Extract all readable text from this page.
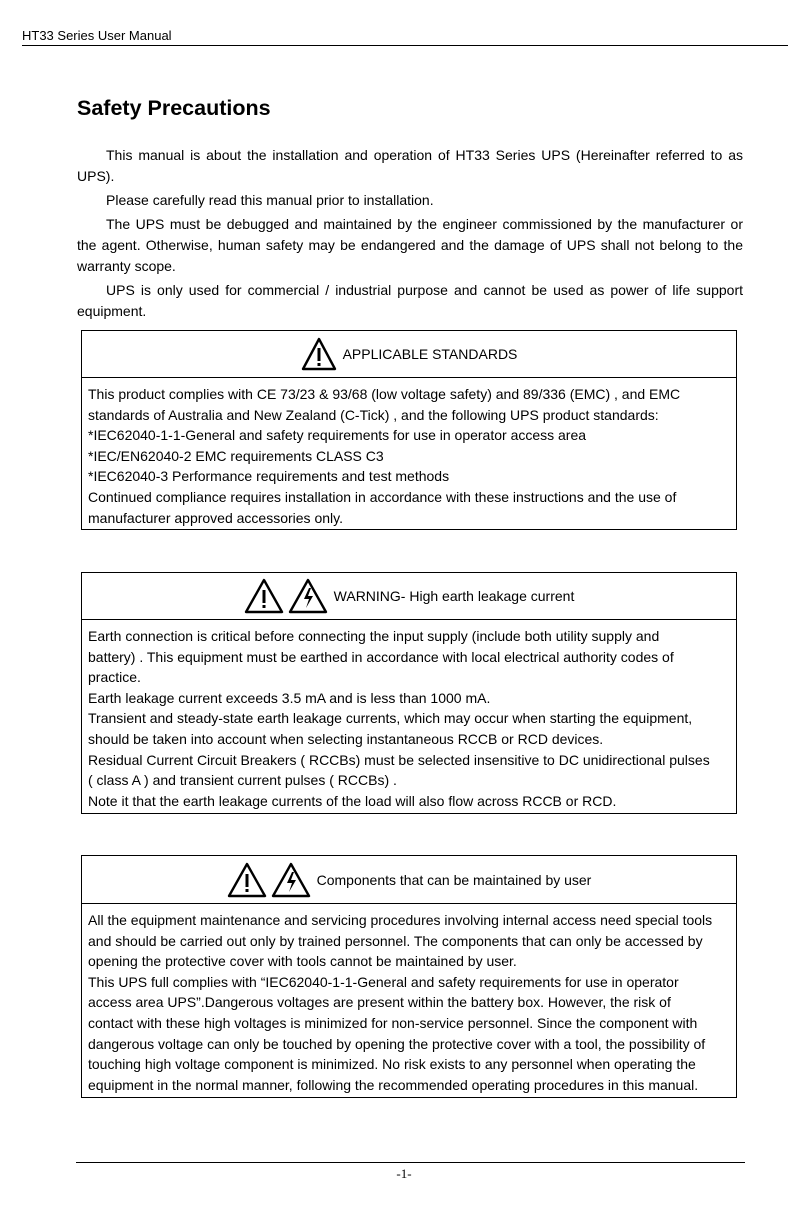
HT33 Series User Manual
Safety Precautions

This manual is about the installation and operation of HT33 Series UPS (Hereinafter referred to as UPS).

Please carefully read this manual prior to installation.

The UPS must be debugged and maintained by the engineer commissioned by the manufacturer or the agent. Otherwise, human safety may be endangered and the damage of UPS shall not belong to the warranty scope.

UPS is only used for commercial / industrial purpose and cannot be used as power of life support equipment.

APPLICABLE STANDARDS
This product complies with CE 73/23 & 93/68 (low voltage safety) and 89/336 (EMC) , and EMC
standards of Australia and New Zealand (C-Tick) , and the following UPS product standards:
*IEC62040-1-1-General and safety requirements for use in operator access area
*IEC/EN62040-2 EMC requirements CLASS C3
*IEC62040-3 Performance requirements and test methods
Continued compliance requires installation in accordance with these instructions and the use of
manufacturer approved accessories only.
WARNING- High earth leakage current
Earth connection is critical before connecting the input supply (include both utility supply and
battery) . This equipment must be earthed in accordance with local electrical authority codes of
practice.
Earth leakage current exceeds 3.5 mA and is less than 1000 mA.
Transient and steady-state earth leakage currents, which may occur when starting the equipment,
should be taken into account when selecting instantaneous RCCB or RCD devices.
Residual Current Circuit Breakers ( RCCBs) must be selected insensitive to DC unidirectional pulses
( class A ) and transient current pulses ( RCCBs) .
Note it that the earth leakage currents of the load will also flow across RCCB or RCD.
Components that can be maintained by user
All the equipment maintenance and servicing procedures involving internal access need special tools
and should be carried out only by trained personnel. The components that can only be accessed by
opening the protective cover with tools cannot be maintained by user.
This UPS full complies with “IEC62040-1-1-General and safety requirements for use in operator
access area UPS”.Dangerous voltages are present within the battery box. However, the risk of
contact with these high voltages is minimized for non-service personnel. Since the component with
dangerous voltage can only be touched by opening the protective cover with a tool, the possibility of
touching high voltage component is minimized. No risk exists to any personnel when operating the
equipment in the normal manner, following the recommended operating procedures in this manual.
-1-
